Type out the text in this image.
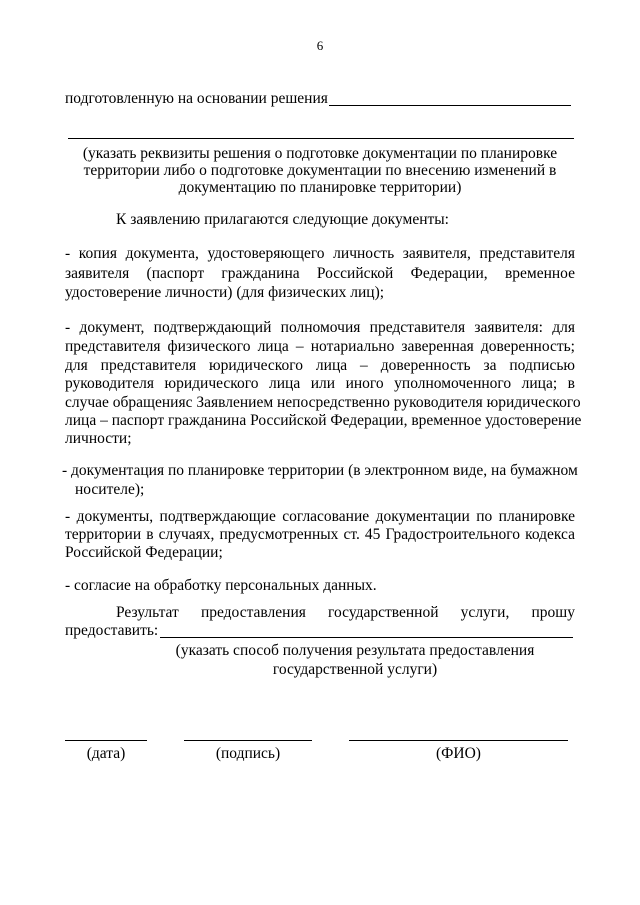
6
подготовленную на основании решения
(указать реквизиты решения о подготовке документации по планировке
территории либо о подготовке документации по внесению изменений в
документацию по планировке территории)
К заявлению прилагаются следующие документы:
- копия документа, удостоверяющего личность заявителя, представителя
заявителя (паспорт гражданина Российской Федерации, временное
удостоверение личности) (для физических лиц);
- документ, подтверждающий полномочия представителя заявителя: для
представителя физического лица – нотариально заверенная доверенность;
для представителя юридического лица – доверенность за подписью
руководителя юридического лица или иного уполномоченного лица; в
случае обращенияс Заявлением непосредственно руководителя юридического
лица – паспорт гражданина Российской Федерации, временное удостоверение
личности;
- документация по планировке территории (в электронном виде, на бумажном
носителе);
- документы, подтверждающие согласование документации по планировке
территории в случаях, предусмотренных ст. 45 Градостроительного кодекса
Российской Федерации;
- согласие на обработку персональных данных.
Результат предоставления государственной услуги, прошу
предоставить:
(указать способ получения результата предоставления
государственной услуги)
(дата)	(подпись)	(ФИО)
